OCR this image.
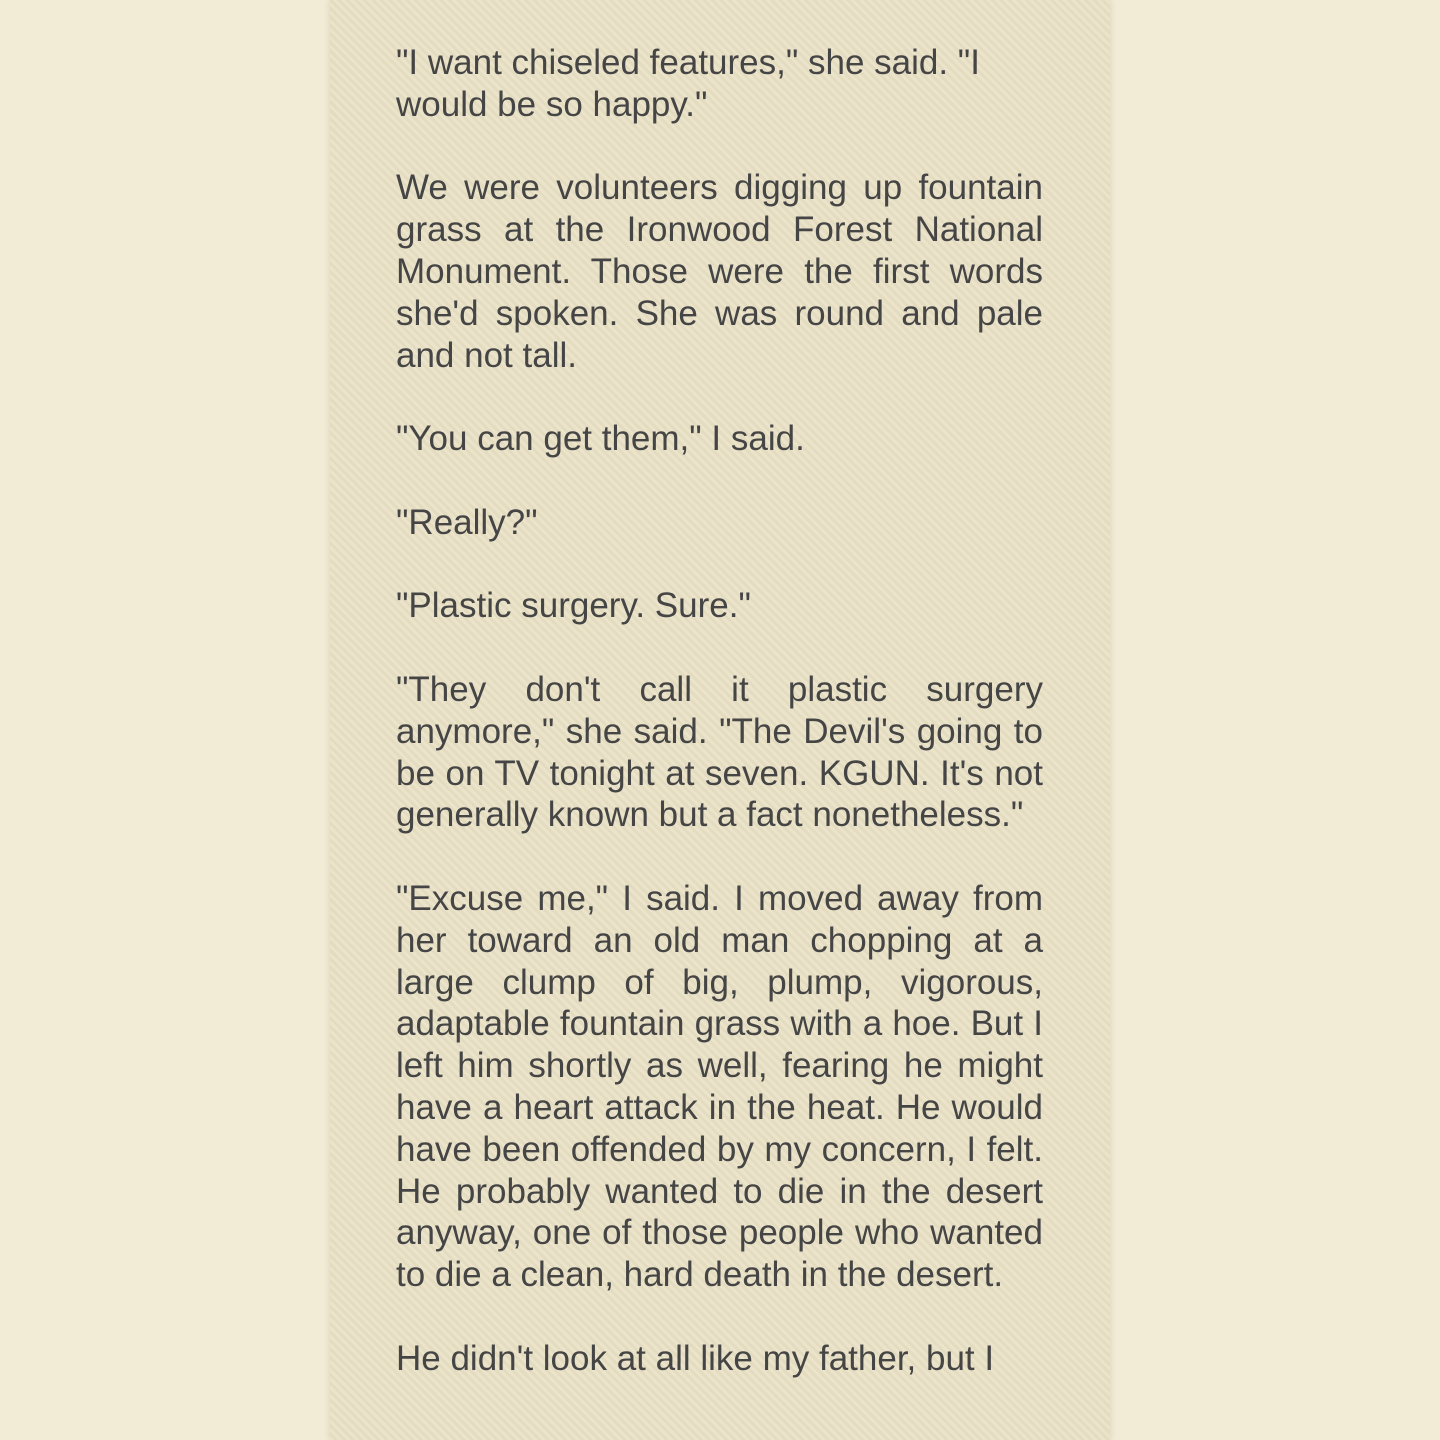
"I want chiseled features," she said. "I
would be so happy."

We were volunteers digging up fountain grass at the Ironwood Forest National Monument. Those were the first words she'd spoken. She was round and pale and not tall.

"You can get them," I said.

"Really?"

"Plastic surgery. Sure."

"They don't call it plastic surgery anymore," she said. "The Devil's going to be on TV tonight at seven. KGUN. It's not generally known but a fact nonetheless."

"Excuse me," I said. I moved away from her toward an old man chopping at a large clump of big, plump, vigorous, adaptable fountain grass with a hoe. But I left him shortly as well, fearing he might have a heart attack in the heat. He would have been offended by my concern, I felt. He probably wanted to die in the desert anyway, one of those people who wanted to die a clean, hard death in the desert.

He didn't look at all like my father, but I
